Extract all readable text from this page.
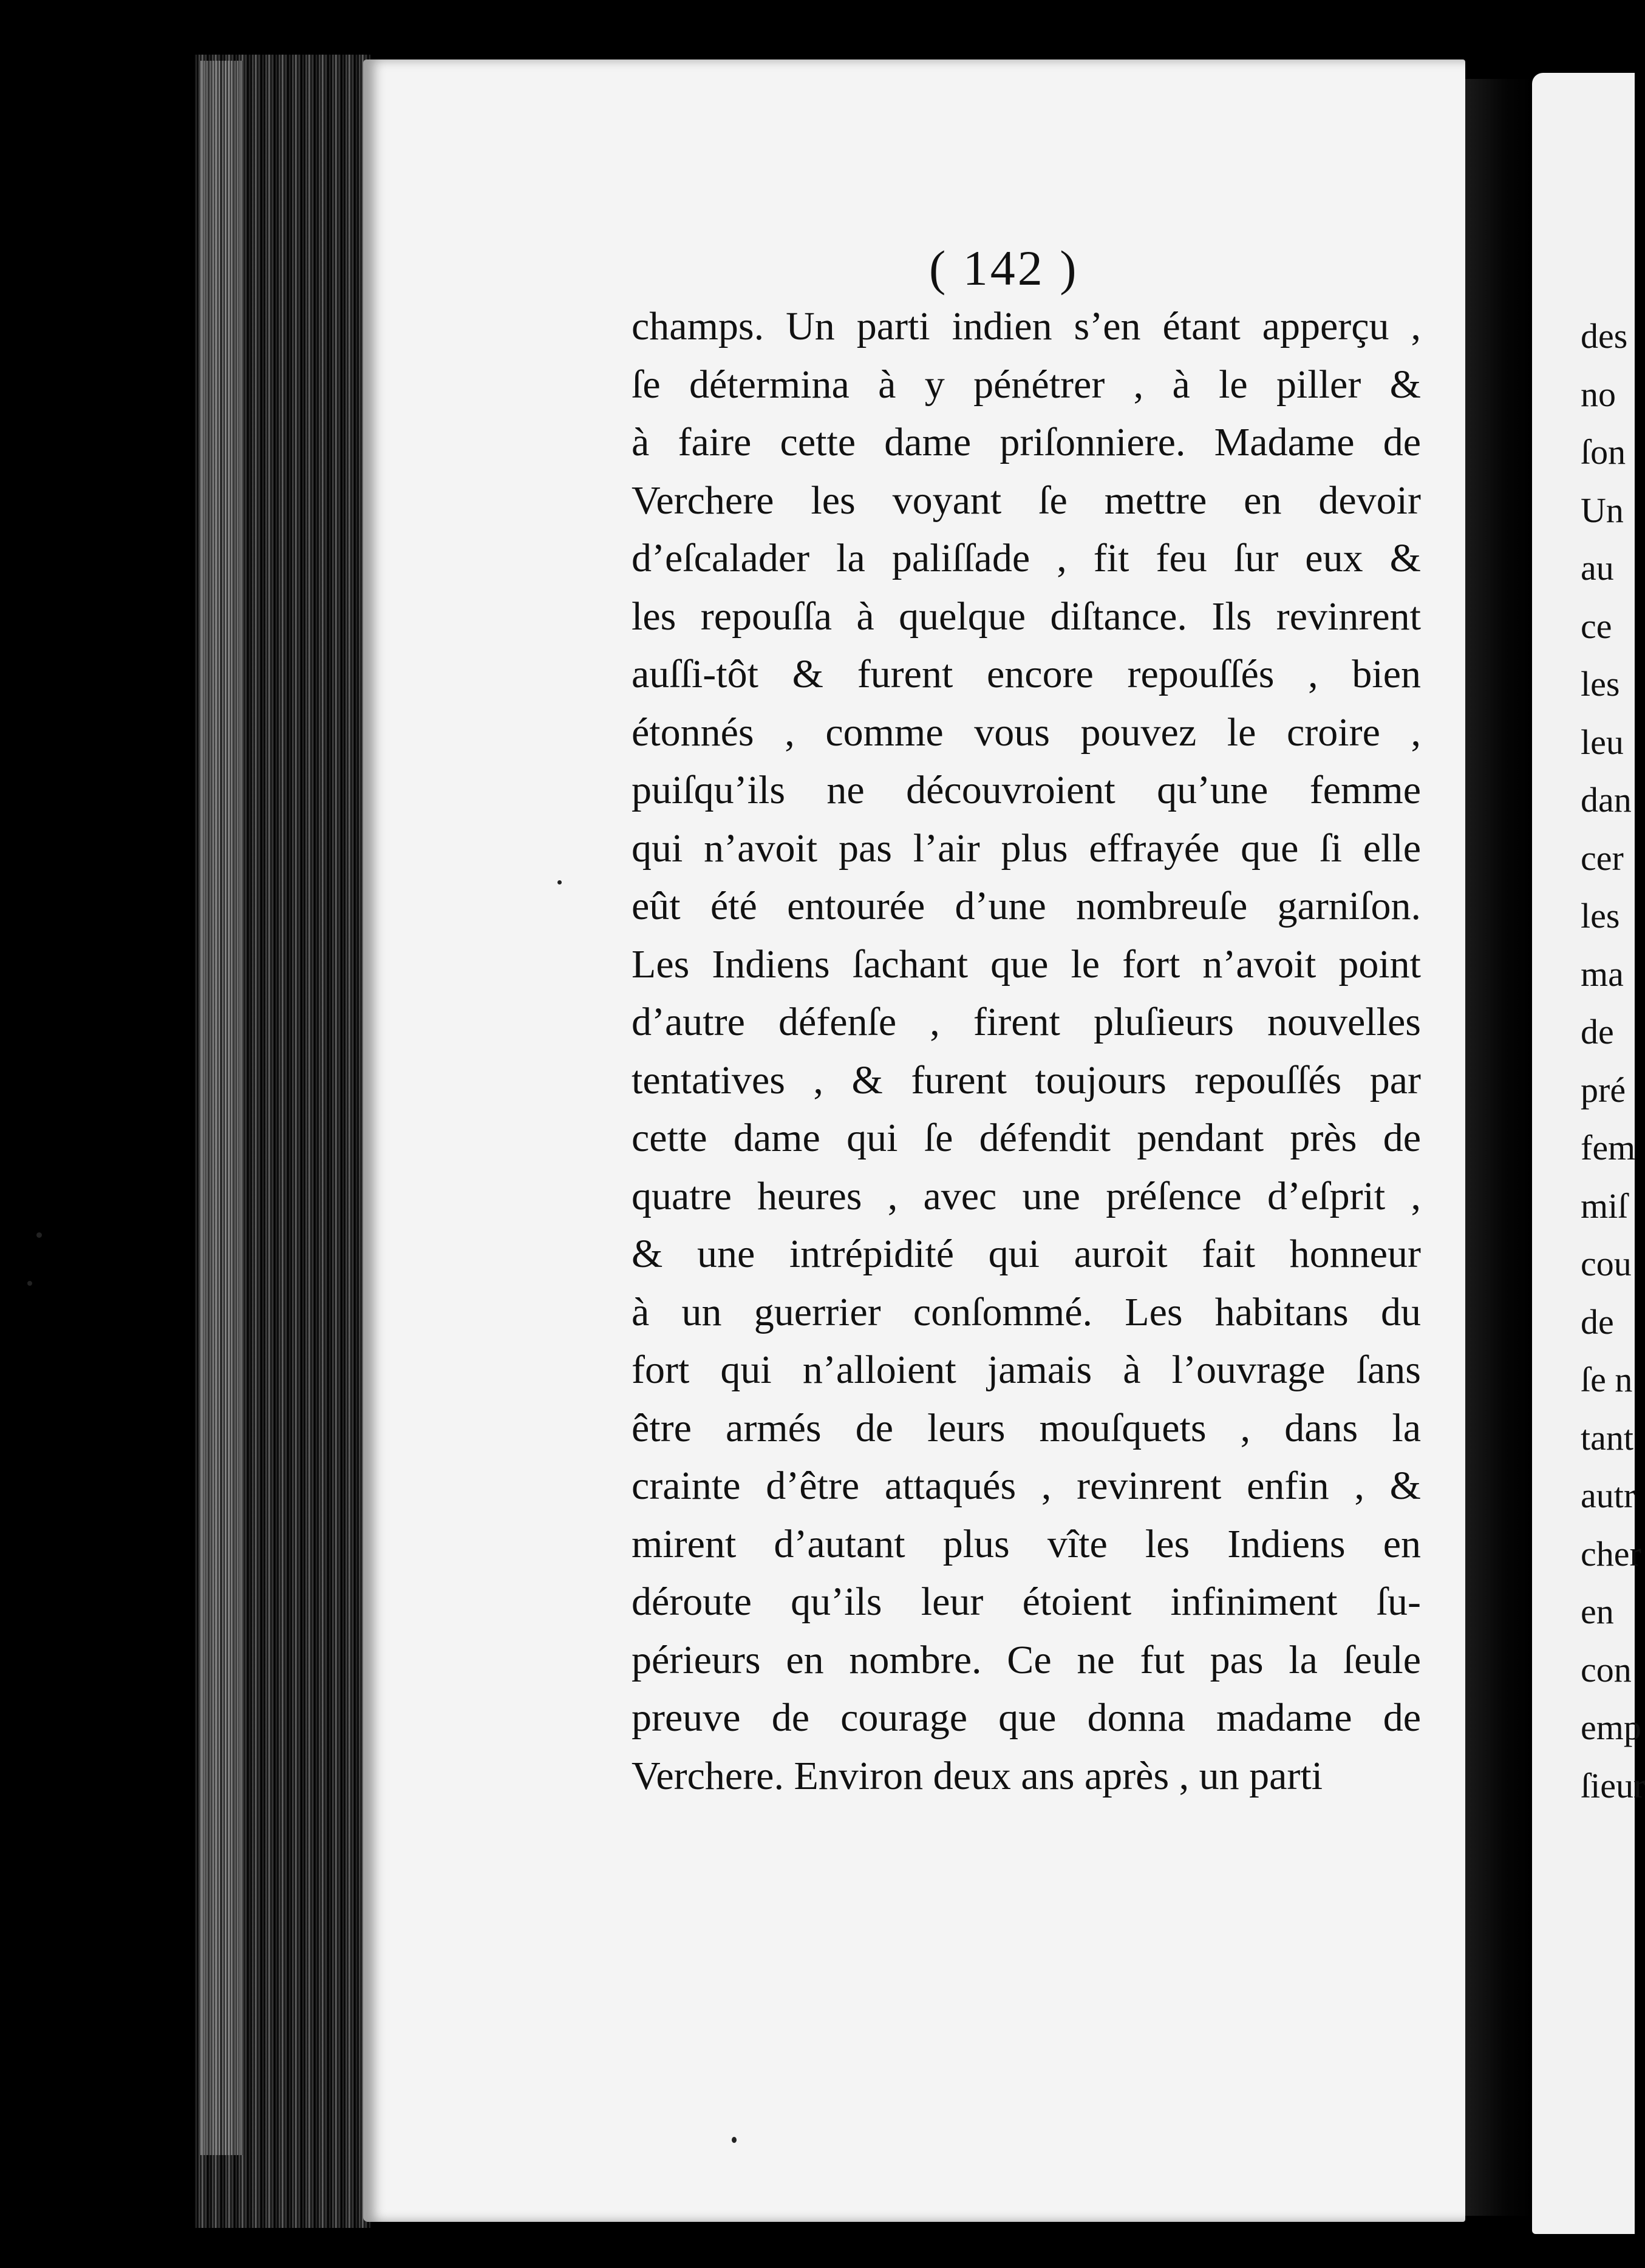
des
no
ſon
Un
au
ce
les
leu
dan
cer
les
ma
de
pré
fem
miſ
cou
de
ſe n
tant
autr
cher
en
con
emp
ſieur
( 142 )
champs. Un parti indien s’en étant apperçu ,
ſe détermina à y pénétrer , à le piller &
à faire cette dame priſonniere. Madame de
Verchere les voyant ſe mettre en devoir
d’eſcalader la paliſſade , fit feu ſur eux &
les repouſſa à quelque diſtance. Ils revinrent
auſſi-tôt & furent encore repouſſés , bien
étonnés , comme vous pouvez le croire ,
puiſqu’ils ne découvroient qu’une femme
qui n’avoit pas l’air plus effrayée que ſi elle
eût été entourée d’une nombreuſe garniſon.
Les Indiens ſachant que le fort n’avoit point
d’autre défenſe , firent pluſieurs nouvelles
tentatives , & furent toujours repouſſés par
cette dame qui ſe défendit pendant près de
quatre heures , avec une préſence d’eſprit ,
& une intrépidité qui auroit fait honneur
à un guerrier conſommé. Les habitans du
fort qui n’alloient jamais à l’ouvrage ſans
être armés de leurs mouſquets , dans la
crainte d’être attaqués , revinrent enfin , &
mirent d’autant plus vîte les Indiens en
déroute qu’ils leur étoient infiniment ſu-
périeurs en nombre. Ce ne fut pas la ſeule
preuve de courage que donna madame de
Verchere. Environ deux ans après , un parti
